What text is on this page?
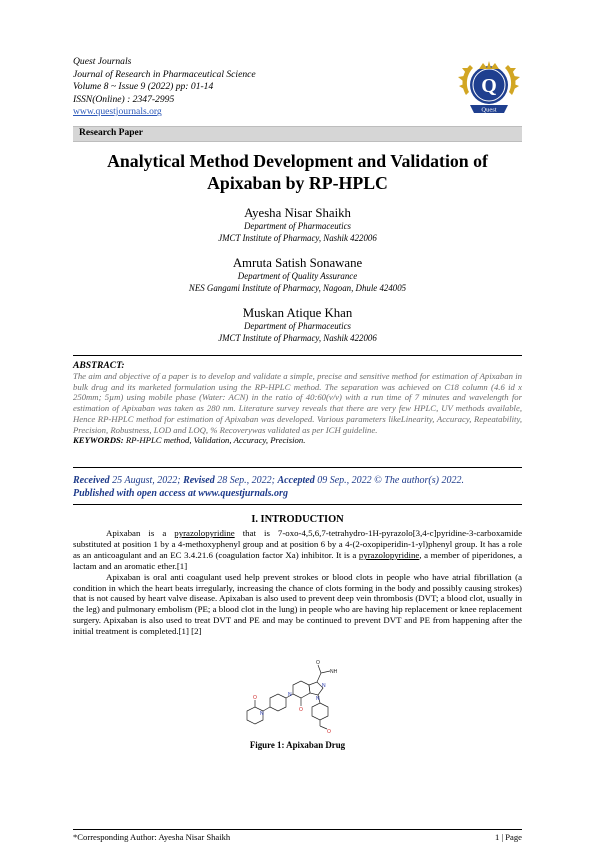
Quest Journals
Journal of Research in Pharmaceutical Science
Volume 8 ~ Issue 9 (2022) pp: 01-14
ISSN(Online) : 2347-2995
www.questjournals.org
Q
Quest
Research Paper
Analytical Method Development and Validation of Apixaban by RP-HPLC
Ayesha Nisar Shaikh
Department of Pharmaceutics
JMCT Institute of Pharmacy, Nashik 422006
Amruta Satish Sonawane
Department of Quality Assurance
NES Gangami Institute of Pharmacy, Nagoan, Dhule 424005
Muskan Atique Khan
Department of Pharmaceutics
JMCT Institute of Pharmacy, Nashik 422006
ABSTRACT:
The aim and objective of a paper is to develop and validate a simple, precise and sensitive method for estimation of Apixaban in bulk drug and its marketed formulation using the RP-HPLC method. The separation was achieved on C18 column (4.6 id x 250mm; 5µm) using mobile phase (Water: ACN) in the ratio of 40:60(v/v) with a run time of 7 minutes and wavelength for estimation of Apixaban was taken as 280 nm. Literature survey reveals that there are very few HPLC, UV methods available, Hence RP-HPLC method for estimation of Apixaban was developed. Various parameters likeLinearity, Accuracy, Repeatability, Precision, Robustness, LOD and LOQ, % Recoverywas validated as per ICH guideline.
KEYWORDS: RP-HPLC method, Validation, Accuracy, Precision.
Received 25 August, 2022; Revised 28 Sep., 2022; Accepted 09 Sep., 2022 © The author(s) 2022.
Published with open access at www.questjurnals.org
I. INTRODUCTION

Apixaban is a pyrazolopyridine that is 7-oxo-4,5,6,7-tetrahydro-1H-pyrazolo[3,4-c]pyridine-3-carboxamide substituted at position 1 by a 4-methoxyphenyl group and at position 6 by a 4-(2-oxopiperidin-1-yl)phenyl group. It has a role as an anticoagulant and an EC 3.4.21.6 (coagulation factor Xa) inhibitor. It is a pyrazolopyridine, a member of piperidones, a lactam and an aromatic ether.[1]

Apixaban is oral anti coagulant used help prevent strokes or blood clots in people who have atrial fibrillation (a condition in which the heart beats irregularly, increasing the chance of clots forming in the body and possibly causing strokes) that is not caused by heart valve disease. Apixaban is also used to prevent deep vein thrombosis (DVT; a blood clot, usually in the leg) and pulmonary embolism (PE; a blood clot in the lung) in people who are having hip replacement or knee replacement surgery. Apixaban is also used to treat DVT and PE and may be continued to prevent DVT and PE from happening after the initial treatment is completed.[1] [2]

O
NH
N
N
N
O
O
N
O
Figure 1: Apixaban Drug
*Corresponding Author: Ayesha Nisar Shaikh	1 | Page
